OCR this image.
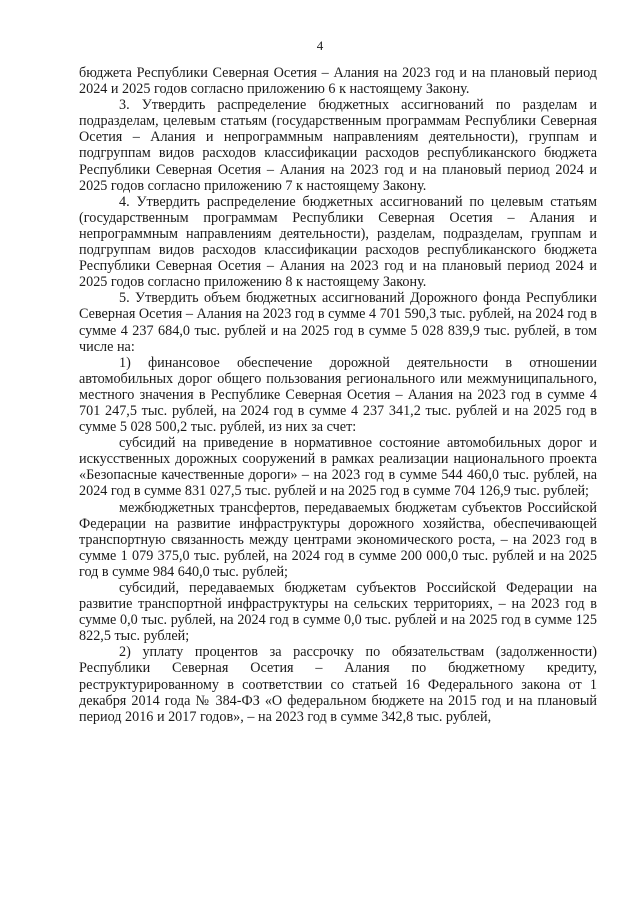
4

бюджета Республики Северная Осетия – Алания на 2023 год и на плановый период 2024 и 2025 годов согласно приложению 6 к настоящему Закону.

3. Утвердить распределение бюджетных ассигнований по разделам и подразделам, целевым статьям (государственным программам Республики Северная Осетия – Алания и непрограммным направлениям деятельности), группам и подгруппам видов расходов классификации расходов республиканского бюджета Республики Северная Осетия – Алания на 2023 год и на плановый период 2024 и 2025 годов согласно приложению 7 к настоящему Закону.

4. Утвердить распределение бюджетных ассигнований по целевым статьям (государственным программам Республики Северная Осетия – Алания и непрограммным направлениям деятельности), разделам, подразделам, группам и подгруппам видов расходов классификации расходов республиканского бюджета Республики Северная Осетия – Алания на 2023 год и на плановый период 2024 и 2025 годов согласно приложению 8 к настоящему Закону.

5. Утвердить объем бюджетных ассигнований Дорожного фонда Республики Северная Осетия – Алания на 2023 год в сумме 4 701 590,3 тыс. рублей, на 2024 год в сумме 4 237 684,0 тыс. рублей и на 2025 год в сумме 5 028 839,9 тыс. рублей, в том числе на:

1) финансовое обеспечение дорожной деятельности в отношении автомобильных дорог общего пользования регионального или межмуниципального, местного значения в Республике Северная Осетия – Алания на 2023 год в сумме 4 701 247,5 тыс. рублей, на 2024 год в сумме 4 237 341,2 тыс. рублей и на 2025 год в сумме 5 028 500,2 тыс. рублей, из них за счет:

субсидий на приведение в нормативное состояние автомобильных дорог и искусственных дорожных сооружений в рамках реализации национального проекта «Безопасные качественные дороги» – на 2023 год в сумме 544 460,0 тыс. рублей, на 2024 год в сумме 831 027,5 тыс. рублей и на 2025 год в сумме 704 126,9 тыс. рублей;

межбюджетных трансфертов, передаваемых бюджетам субъектов Российской Федерации на развитие инфраструктуры дорожного хозяйства, обеспечивающей транспортную связанность между центрами экономического роста, – на 2023 год в сумме 1 079 375,0 тыс. рублей, на 2024 год в сумме 200 000,0 тыс. рублей и на 2025 год в сумме 984 640,0 тыс. рублей;

субсидий, передаваемых бюджетам субъектов Российской Федерации на развитие транспортной инфраструктуры на сельских территориях, – на 2023 год в сумме 0,0 тыс. рублей, на 2024 год в сумме 0,0 тыс. рублей и на 2025 год в сумме 125 822,5 тыс. рублей;

2) уплату процентов за рассрочку по обязательствам (задолженности) Республики Северная Осетия – Алания по бюджетному кредиту, реструктурированному в соответствии со статьей 16 Федерального закона от 1 декабря 2014 года № 384-ФЗ «О федеральном бюджете на 2015 год и на плановый период 2016 и 2017 годов», – на 2023 год в сумме 342,8 тыс. рублей,
